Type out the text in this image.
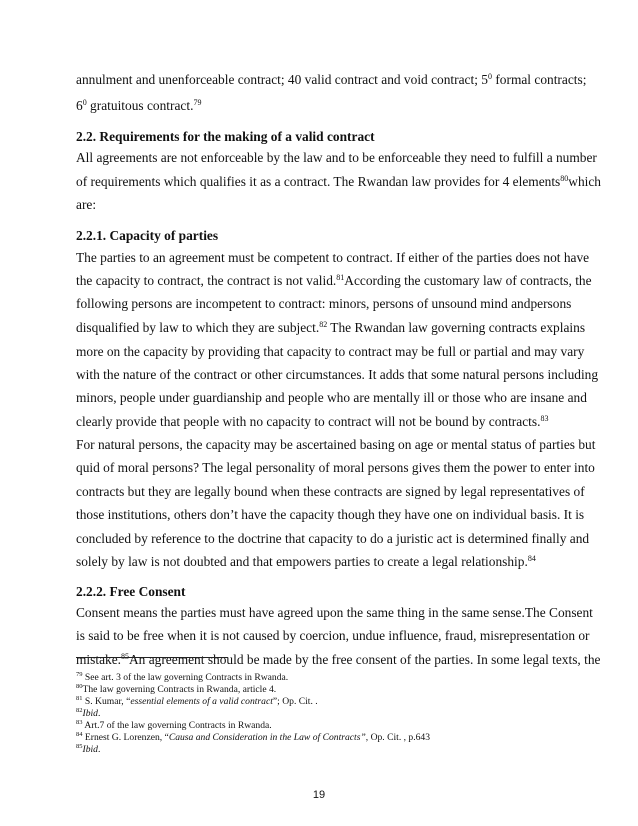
annulment and unenforceable contract; 40 valid contract and void contract; $5^0$ formal contracts;
$6^0$ gratuitous contract.$^{79}$
2.2. Requirements for the making of a valid contract
All agreements are not enforceable by the law and to be enforceable they need to fulfill a number
of requirements which qualifies it as a contract. The Rwandan law provides for 4 elements$^{80}$which
are:
2.2.1. Capacity of parties
The parties to an agreement must be competent to contract. If either of the parties does not have
the capacity to contract, the contract is not valid.$^{81}$According the customary law of contracts, the
following persons are incompetent to contract: minors, persons of unsound mind andpersons
disqualified by law to which they are subject.$^{82}$ The Rwandan law governing contracts explains
more on the capacity by providing that capacity to contract may be full or partial and may vary
with the nature of the contract or other circumstances. It adds that some natural persons including
minors, people under guardianship and people who are mentally ill or those who are insane and
clearly provide that people with no capacity to contract will not be bound by contracts.$^{83}$
For natural persons, the capacity may be ascertained basing on age or mental status of parties but
quid of moral persons? The legal personality of moral persons gives them the power to enter into
contracts but they are legally bound when these contracts are signed by legal representatives of
those institutions, others don’t have the capacity though they have one on individual basis. It is
concluded by reference to the doctrine that capacity to do a juristic act is determined finally and
solely by law is not doubted and that empowers parties to create a legal relationship.$^{84}$
2.2.2. Free Consent
Consent means the parties must have agreed upon the same thing in the same sense.The Consent
is said to be free when it is not caused by coercion, undue influence, fraud, misrepresentation or
mistake.$^{85}$An agreement should be made by the free consent of the parties. In some legal texts, the
$^{79}$ See art. 3 of the law governing Contracts in Rwanda.
$^{80}$The law governing Contracts in Rwanda, article 4.
$^{81}$ S. Kumar, “essential elements of a valid contract”; Op. Cit. .
$^{82}$Ibid.
$^{83}$ Art.7 of the law governing Contracts in Rwanda.
$^{84}$ Ernest G. Lorenzen, “Causa and Consideration in the Law of Contracts”, Op. Cit. , p.643
$^{85}$Ibid.
19
